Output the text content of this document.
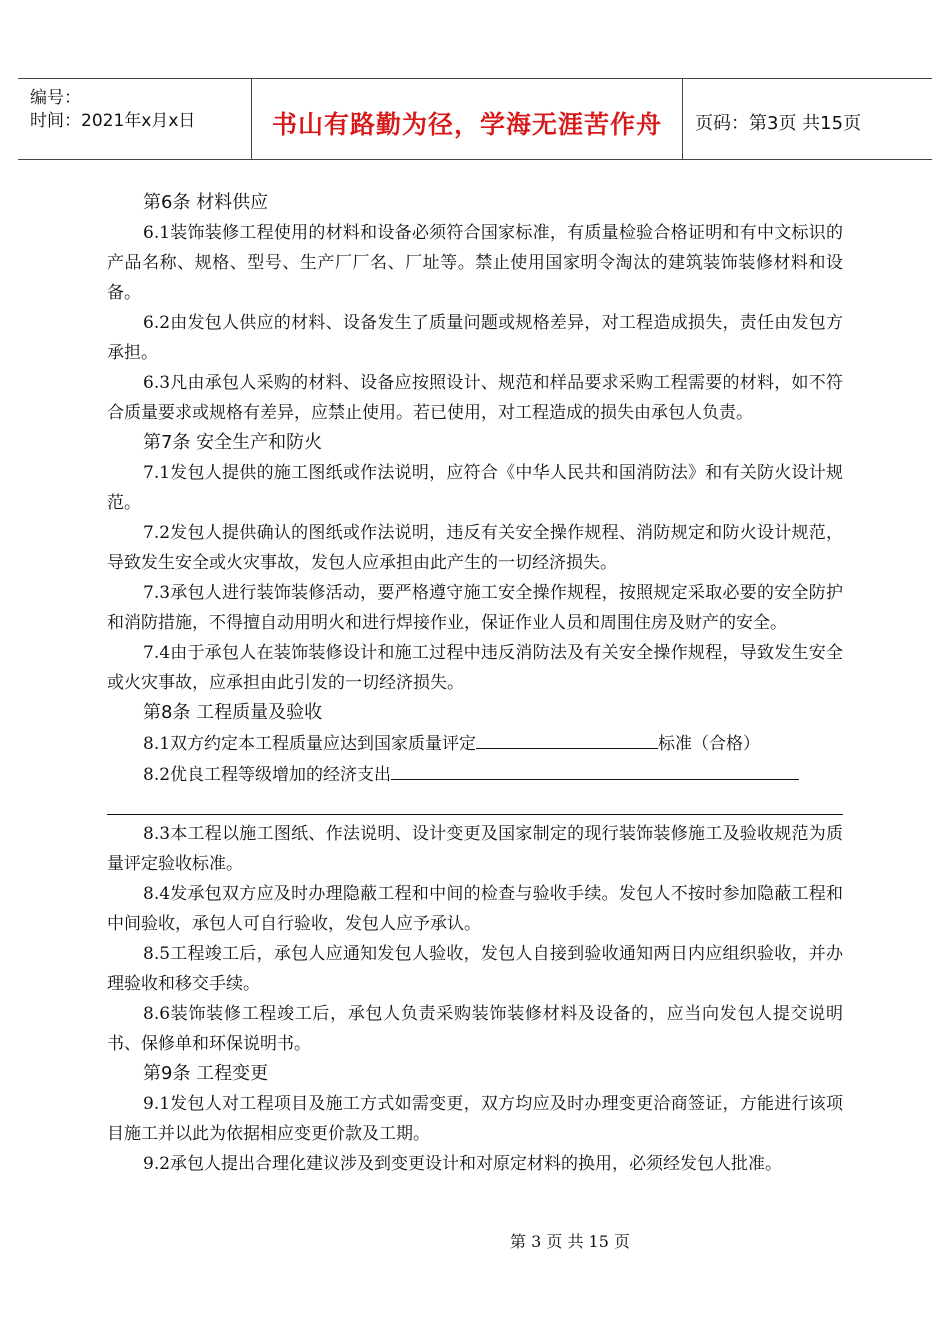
编号：
时间：2021年x月x日	书山有路勤为径，学海无涯苦作舟	页码：第3页 共15页
第6条 材料供应
6.1装饰装修工程使用的材料和设备必须符合国家标准，有质量检验合格证明和有中文标识的产品名称、规格、型号、生产厂厂名、厂址等。禁止使用国家明令淘汰的建筑装饰装修材料和设备。
6.2由发包人供应的材料、设备发生了质量问题或规格差异，对工程造成损失，责任由发包方承担。
6.3凡由承包人采购的材料、设备应按照设计、规范和样品要求采购工程需要的材料，如不符合质量要求或规格有差异，应禁止使用。若已使用，对工程造成的损失由承包人负责。
第7条 安全生产和防火
7.1发包人提供的施工图纸或作法说明，应符合《中华人民共和国消防法》和有关防火设计规范。
7.2发包人提供确认的图纸或作法说明，违反有关安全操作规程、消防规定和防火设计规范，导致发生安全或火灾事故，发包人应承担由此产生的一切经济损失。
7.3承包人进行装饰装修活动，要严格遵守施工安全操作规程，按照规定采取必要的安全防护和消防措施，不得擅自动用明火和进行焊接作业，保证作业人员和周围住房及财产的安全。
7.4由于承包人在装饰装修设计和施工过程中违反消防法及有关安全操作规程，导致发生安全或火灾事故，应承担由此引发的一切经济损失。
第8条 工程质量及验收
8.1双方约定本工程质量应达到国家质量评定	标准（合格）
8.2优良工程等级增加的经济支出
8.3本工程以施工图纸、作法说明、设计变更及国家制定的现行装饰装修施工及验收规范为质量评定验收标准。
8.4发承包双方应及时办理隐蔽工程和中间的检查与验收手续。发包人不按时参加隐蔽工程和中间验收，承包人可自行验收，发包人应予承认。
8.5工程竣工后，承包人应通知发包人验收，发包人自接到验收通知两日内应组织验收，并办理验收和移交手续。
8.6装饰装修工程竣工后，承包人负责采购装饰装修材料及设备的，应当向发包人提交说明书、保修单和环保说明书。
第9条 工程变更
9.1发包人对工程项目及施工方式如需变更，双方均应及时办理变更洽商签证，方能进行该项目施工并以此为依据相应变更价款及工期。
9.2承包人提出合理化建议涉及到变更设计和对原定材料的换用，必须经发包人批准。
第 3 页 共 15 页
